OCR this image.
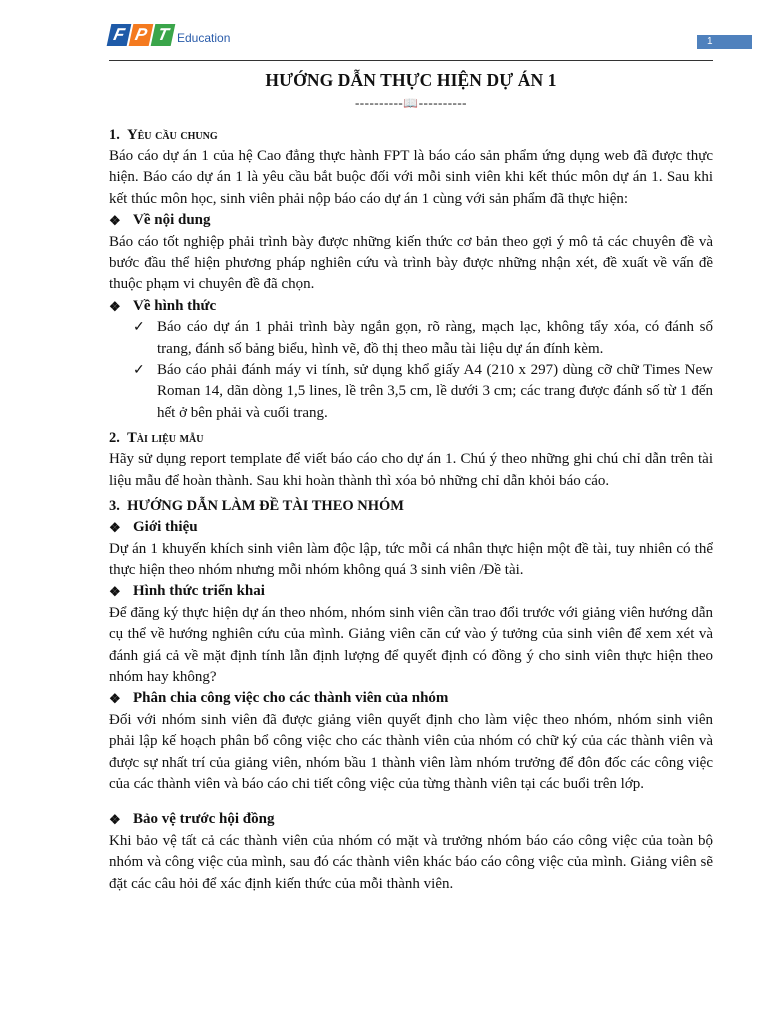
F P T Education	1
HƯỚNG DẪN THỰC HIỆN DỰ ÁN 1
----------📖----------
1. Yêu cầu chung

Báo cáo dự án 1 của hệ Cao đẳng thực hành FPT là báo cáo sản phẩm ứng dụng web đã được thực hiện. Báo cáo dự án 1 là yêu cầu bắt buộc đối với mỗi sinh viên khi kết thúc môn dự án 1. Sau khi kết thúc môn học, sinh viên phải nộp báo cáo dự án 1 cùng với sản phẩm đã thực hiện:

❖ Về nội dung

Báo cáo tốt nghiệp phải trình bày được những kiến thức cơ bản theo gợi ý mô tả các chuyên đề và bước đầu thể hiện phương pháp nghiên cứu và trình bày được những nhận xét, đề xuất về vấn đề thuộc phạm vi chuyên đề đã chọn.

❖ Về hình thức
✓ Báo cáo dự án 1 phải trình bày ngắn gọn, rõ ràng, mạch lạc, không tẩy xóa, có đánh số trang, đánh số bảng biểu, hình vẽ, đồ thị theo mẫu tài liệu dự án đính kèm.
✓ Báo cáo phải đánh máy vi tính, sử dụng khổ giấy A4 (210 x 297) dùng cỡ chữ Times New Roman 14, dãn dòng 1,5 lines, lề trên 3,5 cm, lề dưới 3 cm; các trang được đánh số từ 1 đến hết ở bên phải và cuối trang.
2. Tài liệu mẫu

Hãy sử dụng report template để viết báo cáo cho dự án 1. Chú ý theo những ghi chú chỉ dẫn trên tài liệu mẫu để hoàn thành. Sau khi hoàn thành thì xóa bỏ những chỉ dẫn khỏi báo cáo.

3. HƯỚNG DẪN LÀM ĐỀ TÀI THEO NHÓM
❖ Giới thiệu

Dự án 1 khuyến khích sinh viên làm độc lập, tức mỗi cá nhân thực hiện một đề tài, tuy nhiên có thể thực hiện theo nhóm nhưng mỗi nhóm không quá 3 sinh viên /Đề tài.

❖ Hình thức triển khai

Để đăng ký thực hiện dự án theo nhóm, nhóm sinh viên cần trao đổi trước với giảng viên hướng dẫn cụ thể về hướng nghiên cứu của mình. Giảng viên căn cứ vào ý tưởng của sinh viên để xem xét và đánh giá cả về mặt định tính lẫn định lượng để quyết định có đồng ý cho sinh viên thực hiện theo nhóm hay không?

❖ Phân chia công việc cho các thành viên của nhóm

Đối với nhóm sinh viên đã được giảng viên quyết định cho làm việc theo nhóm, nhóm sinh viên phải lập kế hoạch phân bổ công việc cho các thành viên của nhóm có chữ ký của các thành viên và được sự nhất trí của giảng viên, nhóm bầu 1 thành viên làm nhóm trưởng để đôn đốc các công việc của các thành viên và báo cáo chi tiết công việc của từng thành viên tại các buổi trên lớp.

❖ Bảo vệ trước hội đồng

Khi bảo vệ tất cả các thành viên của nhóm có mặt và trưởng nhóm báo cáo công việc của toàn bộ nhóm và công việc của mình, sau đó các thành viên khác báo cáo công việc của mình. Giảng viên sẽ đặt các câu hỏi để xác định kiến thức của mỗi thành viên.
